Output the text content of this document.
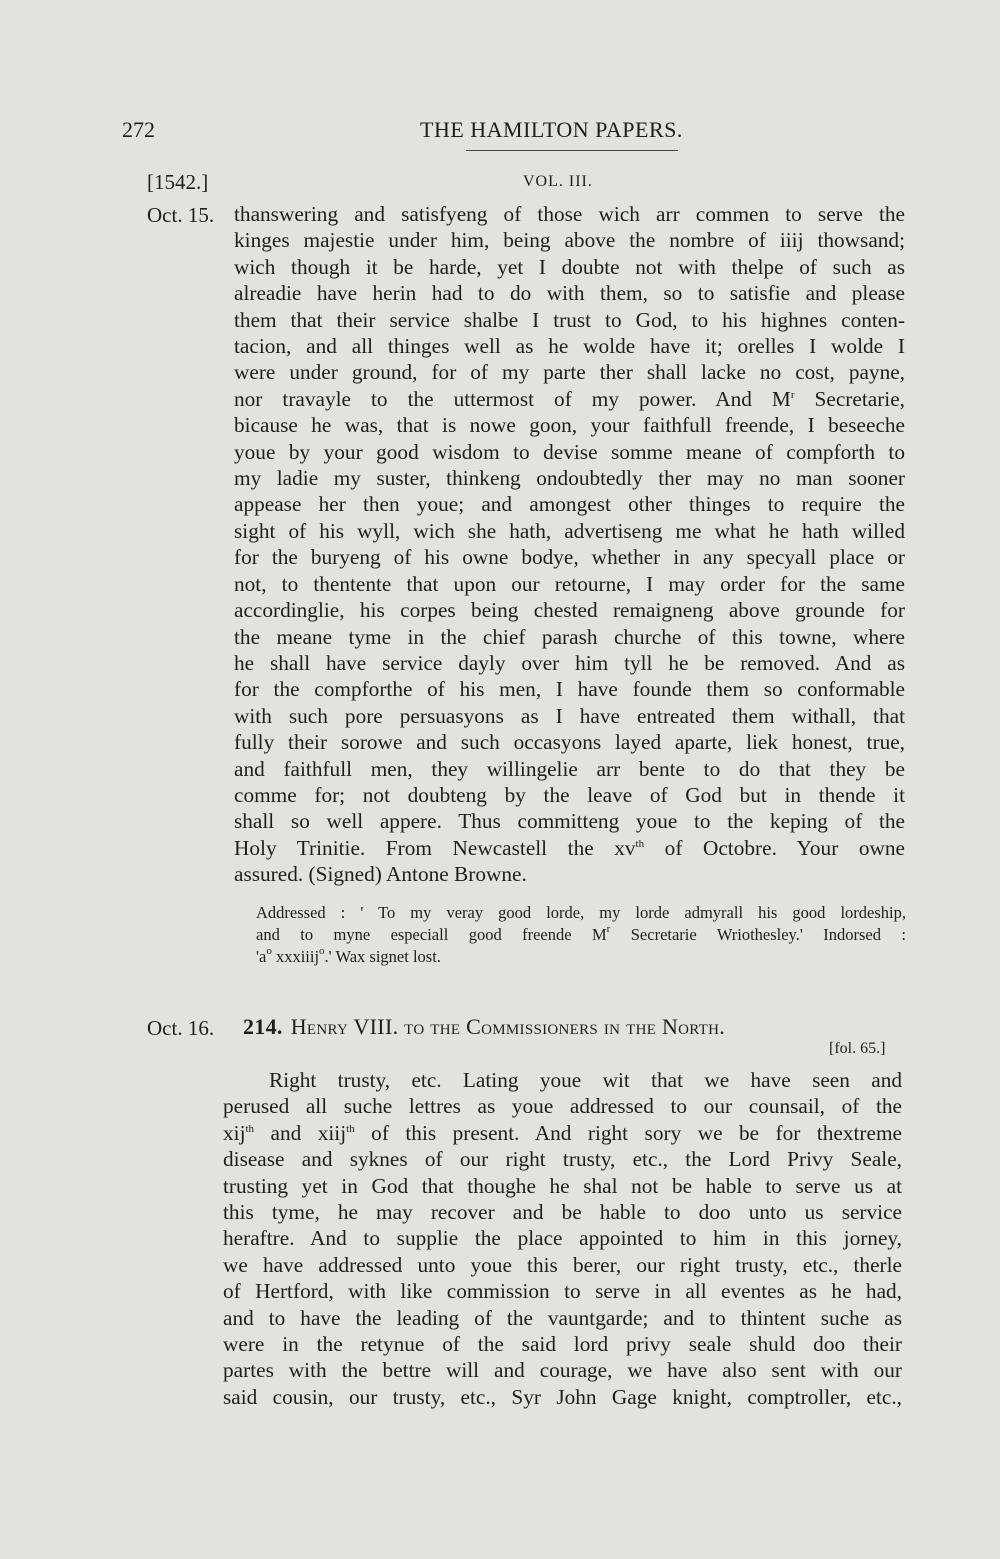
272	THE HAMILTON PAPERS.
[1542.]	VOL. III.
Oct. 15. thanswering and satisfyeng of those wich arr commen to serve the
kinges majestie under him, being above the nombre of iiij thowsand;
wich though it be harde, yet I doubte not with thelpe of such as
alreadie have herin had to do with them, so to satisfie and please
them that their service shalbe I trust to God, to his highnes conten-
tacion, and all thinges well as he wolde have it; orelles I wolde I
were under ground, for of my parte ther shall lacke no cost, payne,
nor travayle to the uttermost of my power. And $M^r$ Secretarie,
bicause he was, that is nowe goon, your faithfull freende, I beseeche
youe by your good wisdom to devise somme meane of compforth to
my ladie my suster, thinkeng ondoubtedly ther may no man sooner
appease her then youe; and amongest other thinges to require the
sight of his wyll, wich she hath, advertiseng me what he hath willed
for the buryeng of his owne bodye, whether in any specyall place or
not, to thentente that upon our retourne, I may order for the same
accordinglie, his corpes being chested remaigneng above grounde for
the meane tyme in the chief parash churche of this towne, where
he shall have service dayly over him tyll he be removed. And as
for the compforthe of his men, I have founde them so conformable
with such pore persuasyons as I have entreated them withall, that
fully their sorowe and such occasyons layed aparte, liek honest, true,
and faithfull men, they willingelie arr bente to do that they be
comme for; not doubteng by the leave of God but in thende it
shall so well appere. Thus committeng youe to the keping of the
Holy Trinitie. From Newcastell the $xv^{th}$ of Octobre. Your owne
assured. (Signed) Antone Browne.
Addressed : ' To my veray good lorde, my lorde admyrall his good lordeship,
and to myne especiall good freende $M^r$ Secretarie Wriothesley.' Indorsed :
'$a^o$ xxxiiij$^o$.' Wax signet lost.
Oct. 16. 214. Henry VIII. to the Commissioners in the North.
[fol. 65.]
Right trusty, etc. Lating youe wit that we have seen and
perused all suche lettres as youe addressed to our counsail, of the
xij$^{th}$ and xiij$^{th}$ of this present. And right sory we be for thextreme
disease and syknes of our right trusty, etc., the Lord Privy Seale,
trusting yet in God that thoughe he shal not be hable to serve us at
this tyme, he may recover and be hable to doo unto us service
heraftre. And to supplie the place appointed to him in this jorney,
we have addressed unto youe this berer, our right trusty, etc., therle
of Hertford, with like commission to serve in all eventes as he had,
and to have the leading of the vauntgarde; and to thintent suche as
were in the retynue of the said lord privy seale shuld doo their
partes with the bettre will and courage, we have also sent with our
said cousin, our trusty, etc., Syr John Gage knight, comptroller, etc.,
